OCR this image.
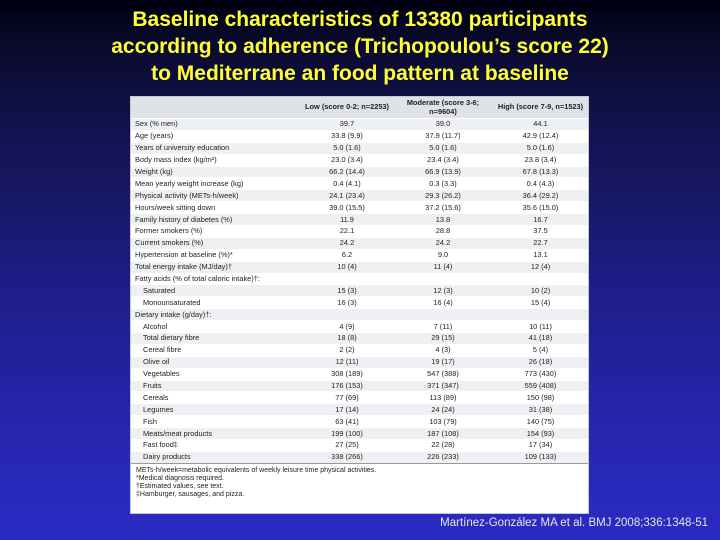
Baseline characteristics of 13380 participants
according to adherence (Trichopoulou’s score 22)
to Mediterrane an food pattern at baseline
	Low (score 0-2; n=2253)	Moderate (score 3-6; n=9604)	High (score 7-9, n=1523)
Sex (% men)	39.7	39.0	44.1
Age (years)	33.8 (9.9)	37.9 (11.7)	42.9 (12.4)
Years of university education	5.0 (1.6)	5.0 (1.6)	5.0 (1.6)
Body mass index (kg/m²)	23.0 (3.4)	23.4 (3.4)	23.8 (3.4)
Weight (kg)	66.2 (14.4)	66.9 (13.9)	67.8 (13.3)
Mean yearly weight increase (kg)	0.4 (4.1)	0.3 (3.3)	0.4 (4.3)
Physical activity (METs-h/week)	24.1 (23.4)	29.3 (26.2)	36.4 (29.2)
Hours/week sitting down	39.0 (15.5)	37.2 (15.6)	35.6 (15.0)
Family history of diabetes (%)	11.9	13.8	16.7
Former smokers (%)	22.1	28.8	37.5
Current smokers (%)	24.2	24.2	22.7
Hypertension at baseline (%)*	6.2	9.0	13.1
Total energy intake (MJ/day)†	10 (4)	11 (4)	12 (4)
Fatty acids (% of total caloric intake)†:			
Saturated	15 (3)	12 (3)	10 (2)
Monounsaturated	16 (3)	16 (4)	15 (4)
Dietary intake (g/day)†:			
Alcohol	4 (9)	7 (11)	10 (11)
Total dietary fibre	18 (8)	29 (15)	41 (18)
Cereal fibre	2 (2)	4 (3)	5 (4)
Olive oil	12 (11)	19 (17)	26 (18)
Vegetables	308 (189)	547 (388)	773 (430)
Fruits	176 (153)	371 (347)	559 (408)
Cereals	77 (69)	113 (89)	150 (98)
Legumes	17 (14)	24 (24)	31 (38)
Fish	63 (41)	103 (79)	140 (75)
Meats/meat products	199 (100)	187 (108)	154 (93)
Fast food‡	27 (25)	22 (28)	17 (34)
Dairy products	338 (266)	226 (233)	109 (133)
METs-h/week=metabolic equivalents of weekly leisure time physical activities.
*Medical diagnosis required.
†Estimated values, see text.
‡Hamburger, sausages, and pizza.
Martínez-González MA et al. BMJ 2008;336:1348-51
